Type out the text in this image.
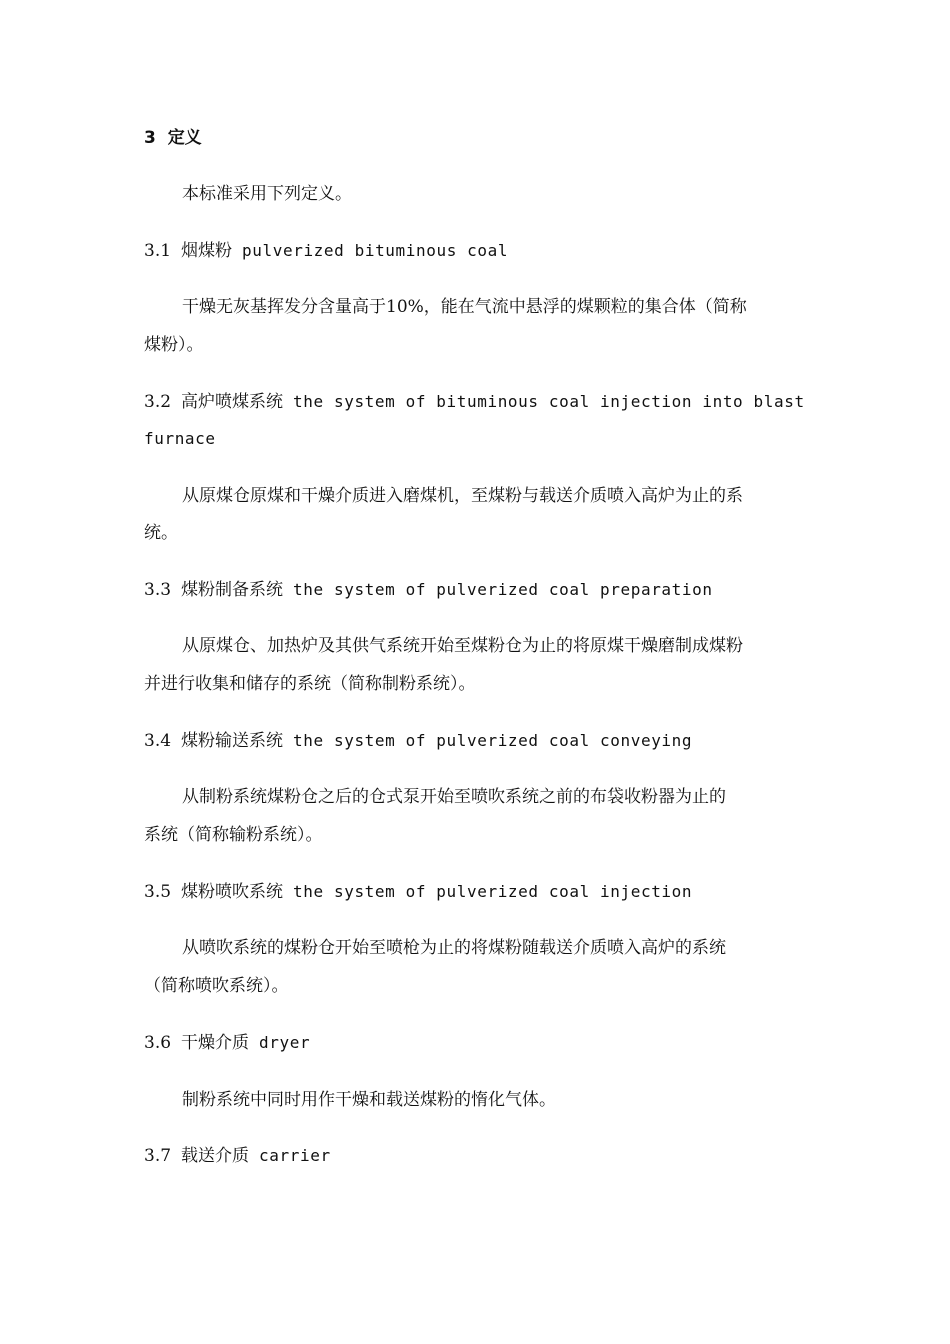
3 定义
本标准采用下列定义。
3.1 烟煤粉 pulverized bituminous coal
干燥无灰基挥发分含量高于10%，能在气流中悬浮的煤颗粒的集合体（简称
煤粉）。
3.2 高炉喷煤系统 the system of bituminous coal injection into blast
furnace
从原煤仓原煤和干燥介质进入磨煤机，至煤粉与载送介质喷入高炉为止的系
统。
3.3 煤粉制备系统 the system of pulverized coal preparation
从原煤仓、加热炉及其供气系统开始至煤粉仓为止的将原煤干燥磨制成煤粉
并进行收集和储存的系统（简称制粉系统）。
3.4 煤粉输送系统 the system of pulverized coal conveying
从制粉系统煤粉仓之后的仓式泵开始至喷吹系统之前的布袋收粉器为止的
系统（简称输粉系统）。
3.5 煤粉喷吹系统 the system of pulverized coal injection
从喷吹系统的煤粉仓开始至喷枪为止的将煤粉随载送介质喷入高炉的系统
（简称喷吹系统）。
3.6 干燥介质 dryer
制粉系统中同时用作干燥和载送煤粉的惰化气体。
3.7 载送介质 carrier
